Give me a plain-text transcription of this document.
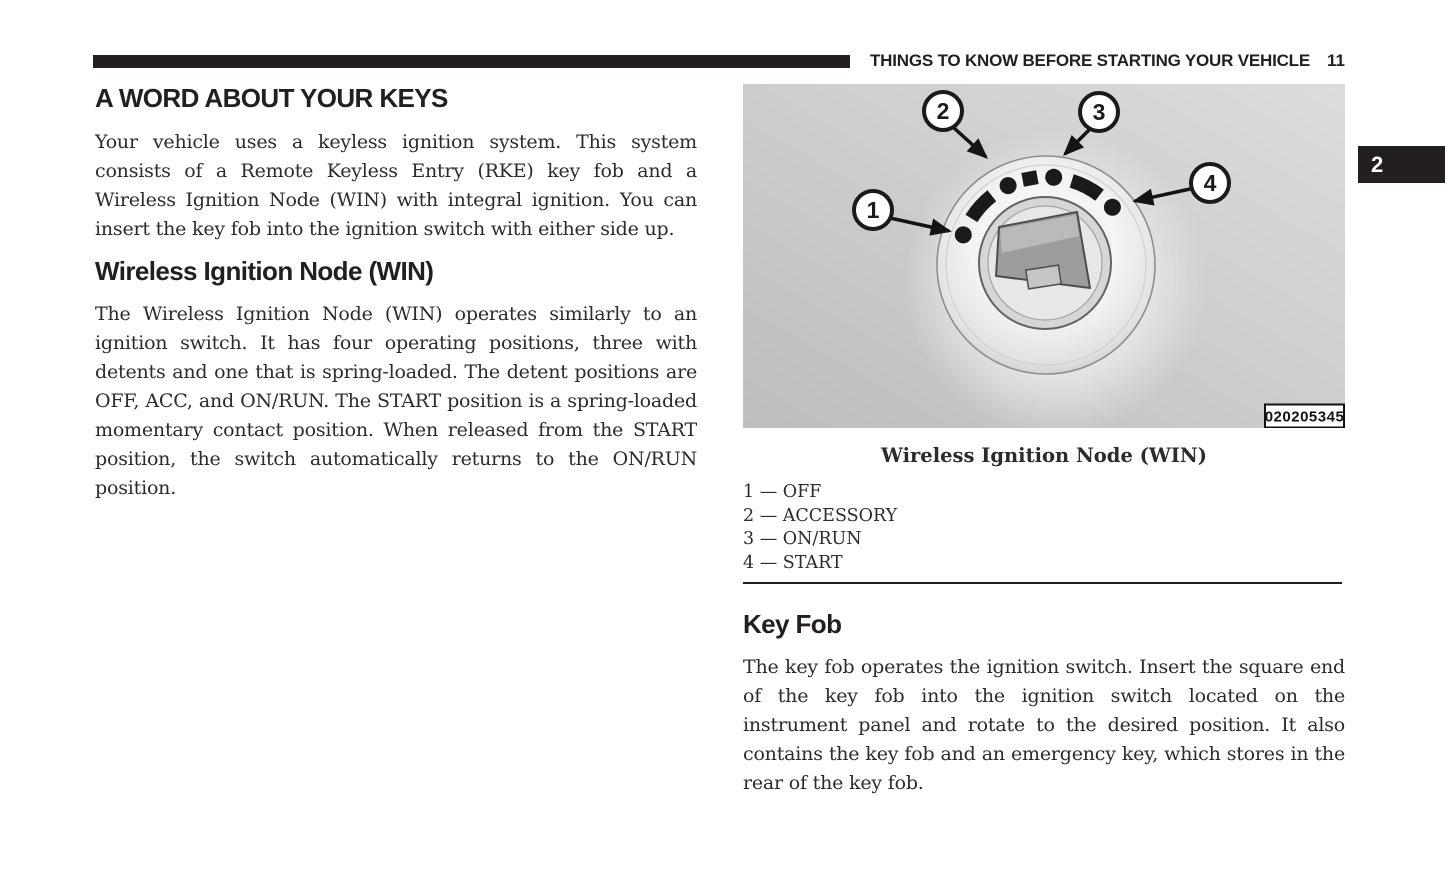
THINGS TO KNOW BEFORE STARTING YOUR VEHICLE 11
2
A WORD ABOUT YOUR KEYS

Your vehicle uses a keyless ignition system. This system consists of a Remote Keyless Entry (RKE) key fob and a Wireless Ignition Node (WIN) with integral ignition. You can insert the key fob into the ignition switch with either side up.

Wireless Ignition Node (WIN)

The Wireless Ignition Node (WIN) operates similarly to an ignition switch. It has four operating positions, three with detents and one that is spring-loaded. The detent positions are OFF, ACC, and ON/RUN. The START position is a spring-loaded momentary contact position. When released from the START position, the switch automatically returns to the ON/RUN position.

1
2	3
4
020205345
Wireless Ignition Node (WIN)
1 — OFF
2 — ACCESSORY
3 — ON/RUN
4 — START
Key Fob

The key fob operates the ignition switch. Insert the square end of the key fob into the ignition switch located on the instrument panel and rotate to the desired position. It also contains the key fob and an emergency key, which stores in the rear of the key fob.
